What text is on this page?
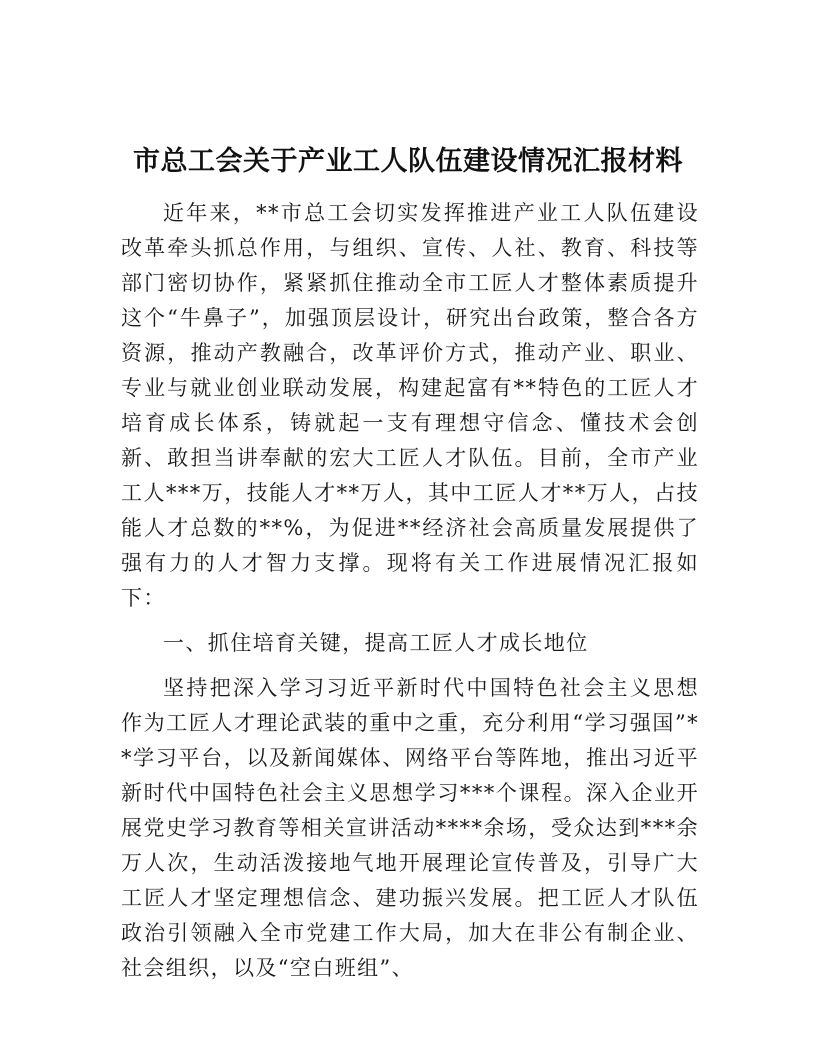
市总工会关于产业工人队伍建设情况汇报材料

近年来，**市总工会切实发挥推进产业工人队伍建设改革牵头抓总作用，与组织、宣传、人社、教育、科技等部门密切协作，紧紧抓住推动全市工匠人才整体素质提升这个“牛鼻子”，加强顶层设计，研究出台政策，整合各方资源，推动产教融合，改革评价方式，推动产业、职业、专业与就业创业联动发展，构建起富有**特色的工匠人才培育成长体系，铸就起一支有理想守信念、懂技术会创新、敢担当讲奉献的宏大工匠人才队伍。目前，全市产业工人***万，技能人才**万人，其中工匠人才**万人，占技能人才总数的**%，为促进**经济社会高质量发展提供了强有力的人才智力支撑。现将有关工作进展情况汇报如下：

一、抓住培育关键，提高工匠人才成长地位

坚持把深入学习习近平新时代中国特色社会主义思想作为工匠人才理论武装的重中之重，充分利用“学习强国”**学习平台，以及新闻媒体、网络平台等阵地，推出习近平新时代中国特色社会主义思想学习***个课程。深入企业开展党史学习教育等相关宣讲活动****余场，受众达到***余万人次，生动活泼接地气地开展理论宣传普及，引导广大工匠人才坚定理想信念、建功振兴发展。把工匠人才队伍政治引领融入全市党建工作大局，加大在非公有制企业、社会组织，以及“空白班组”、
